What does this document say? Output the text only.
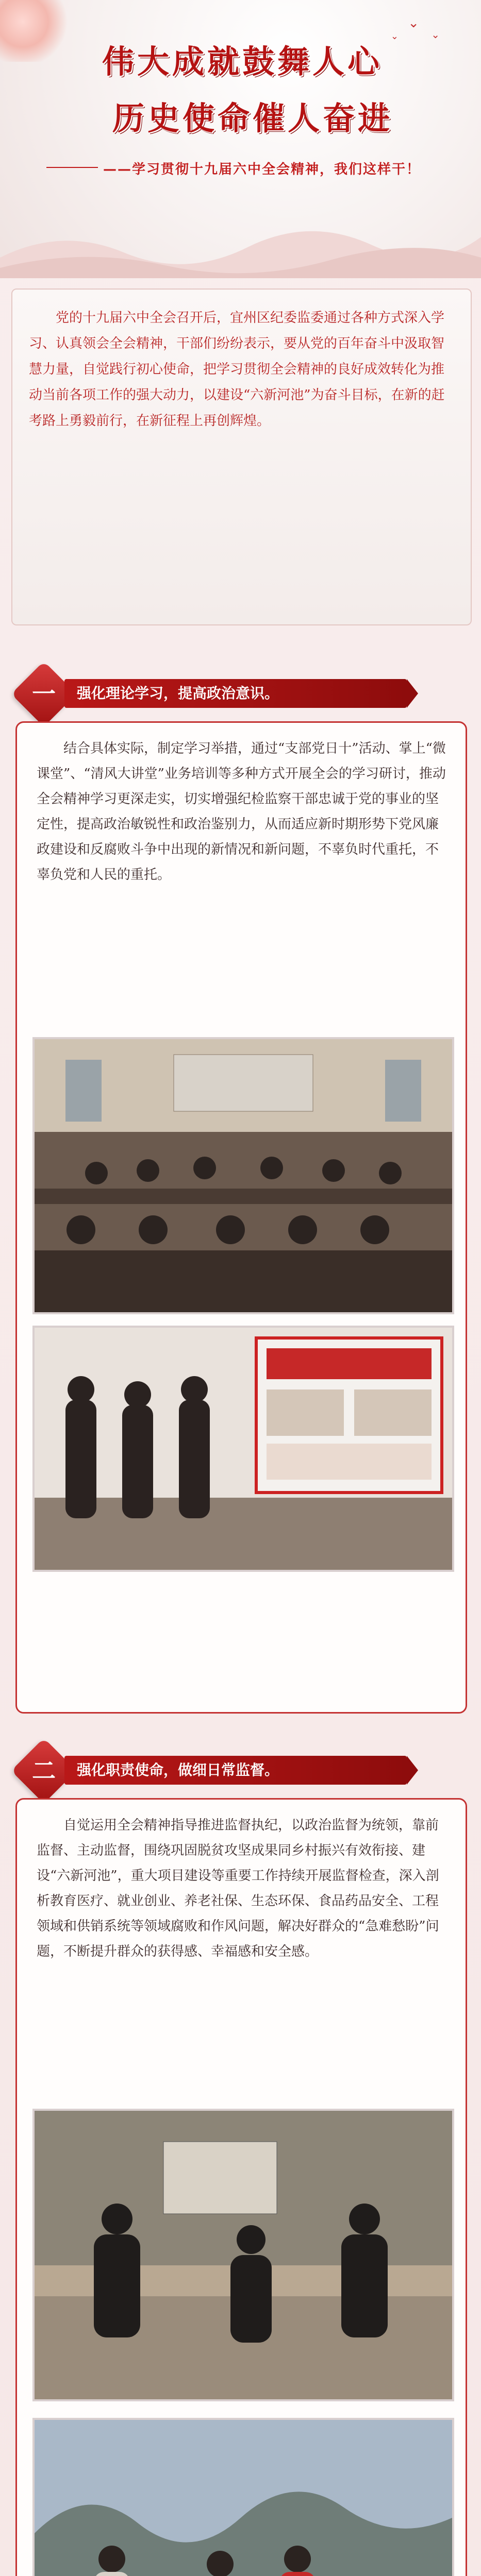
⌄
⌄
⌄
伟大成就鼓舞人心
历史使命催人奋进
——学习贯彻十九届六中全会精神，我们这样干！

党的十九届六中全会召开后，宜州区纪委监委通过各种方式深入学习、认真领会全会精神，干部们纷纷表示，要从党的百年奋斗中汲取智慧力量，自觉践行初心使命，把学习贯彻全会精神的良好成效转化为推动当前各项工作的强大动力，以建设“六新河池”为奋斗目标，在新的赶考路上勇毅前行，在新征程上再创辉煌。

一	强化理论学习，提高政治意识。

结合具体实际，制定学习举措，通过“支部党日十”活动、掌上“微课堂”、“清风大讲堂”业务培训等多种方式开展全会的学习研讨，推动全会精神学习更深走实，切实增强纪检监察干部忠诚于党的事业的坚定性，提高政治敏锐性和政治鉴别力，从而适应新时期形势下党风廉政建设和反腐败斗争中出现的新情况和新问题，不辜负时代重托，不辜负党和人民的重托。

二	强化职责使命，做细日常监督。

自觉运用全会精神指导推进监督执纪，以政治监督为统领，靠前监督、主动监督，围绕巩固脱贫攻坚成果同乡村振兴有效衔接、建设“六新河池”，重大项目建设等重要工作持续开展监督检查，深入剖析教育医疗、就业创业、养老社保、生态环保、食品药品安全、工程领域和供销系统等领域腐败和作风问题，解决好群众的“急难愁盼”问题，不断提升群众的获得感、幸福感和安全感。
